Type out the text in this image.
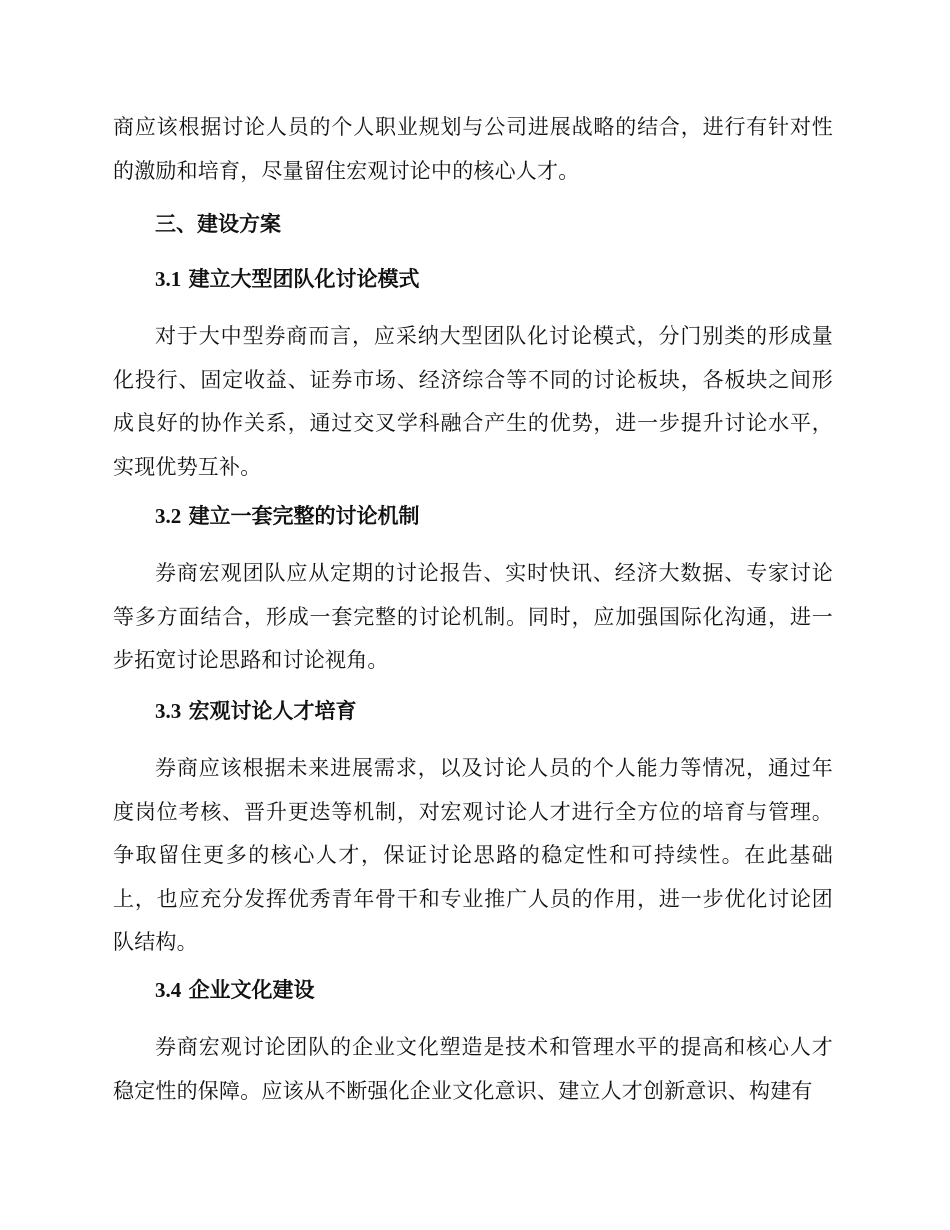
商应该根据讨论人员的个人职业规划与公司进展战略的结合，进行有针对性的激励和培育，尽量留住宏观讨论中的核心人才。

三、建设方案
3.1 建立大型团队化讨论模式

对于大中型券商而言，应采纳大型团队化讨论模式，分门别类的形成量化投行、固定收益、证券市场、经济综合等不同的讨论板块，各板块之间形成良好的协作关系，通过交叉学科融合产生的优势，进一步提升讨论水平，实现优势互补。

3.2 建立一套完整的讨论机制

券商宏观团队应从定期的讨论报告、实时快讯、经济大数据、专家讨论等多方面结合，形成一套完整的讨论机制。同时，应加强国际化沟通，进一步拓宽讨论思路和讨论视角。

3.3 宏观讨论人才培育

券商应该根据未来进展需求，以及讨论人员的个人能力等情况，通过年度岗位考核、晋升更迭等机制，对宏观讨论人才进行全方位的培育与管理。争取留住更多的核心人才，保证讨论思路的稳定性和可持续性。在此基础上，也应充分发挥优秀青年骨干和专业推广人员的作用，进一步优化讨论团队结构。

3.4 企业文化建设

券商宏观讨论团队的企业文化塑造是技术和管理水平的提高和核心人才稳定性的保障。应该从不断强化企业文化意识、建立人才创新意识、构建有
